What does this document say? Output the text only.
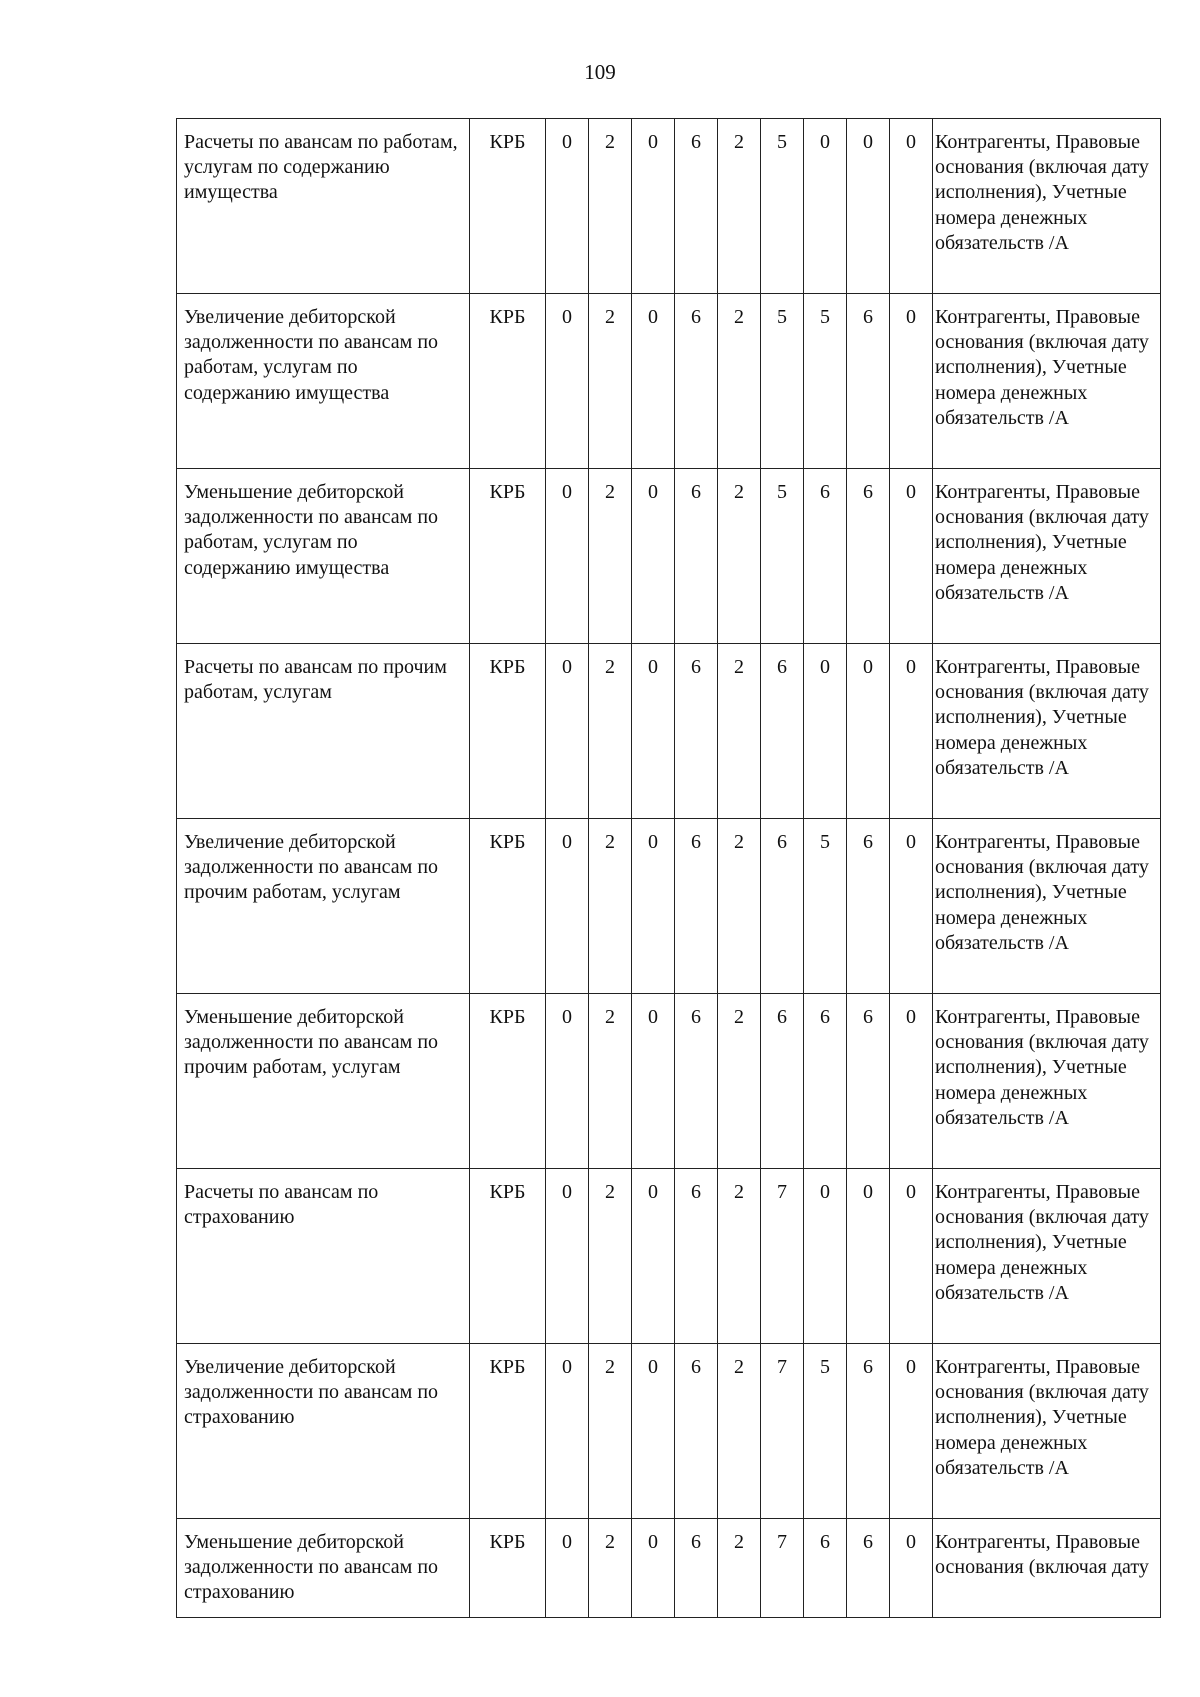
109
Расчеты по авансам по работам, услугам по содержанию имущества	КРБ	0	2	0	6	2	5	0	0	0	Контрагенты, Правовые основания (включая дату исполнения), Учетные номера денежных обязательств /А
Увеличение дебиторской задолженности по авансам по работам, услугам по содержанию имущества	КРБ	0	2	0	6	2	5	5	6	0	Контрагенты, Правовые основания (включая дату исполнения), Учетные номера денежных обязательств /А
Уменьшение дебиторской задолженности по авансам по работам, услугам по содержанию имущества	КРБ	0	2	0	6	2	5	6	6	0	Контрагенты, Правовые основания (включая дату исполнения), Учетные номера денежных обязательств /А
Расчеты по авансам по прочим работам, услугам	КРБ	0	2	0	6	2	6	0	0	0	Контрагенты, Правовые основания (включая дату исполнения), Учетные номера денежных обязательств /А
Увеличение дебиторской задолженности по авансам по прочим работам, услугам	КРБ	0	2	0	6	2	6	5	6	0	Контрагенты, Правовые основания (включая дату исполнения), Учетные номера денежных обязательств /А
Уменьшение дебиторской задолженности по авансам по прочим работам, услугам	КРБ	0	2	0	6	2	6	6	6	0	Контрагенты, Правовые основания (включая дату исполнения), Учетные номера денежных обязательств /А
Расчеты по авансам по страхованию	КРБ	0	2	0	6	2	7	0	0	0	Контрагенты, Правовые основания (включая дату исполнения), Учетные номера денежных обязательств /А
Увеличение дебиторской задолженности по авансам по страхованию	КРБ	0	2	0	6	2	7	5	6	0	Контрагенты, Правовые основания (включая дату исполнения), Учетные номера денежных обязательств /А
Уменьшение дебиторской задолженности по авансам по страхованию	КРБ	0	2	0	6	2	7	6	6	0	Контрагенты, Правовые основания (включая дату
